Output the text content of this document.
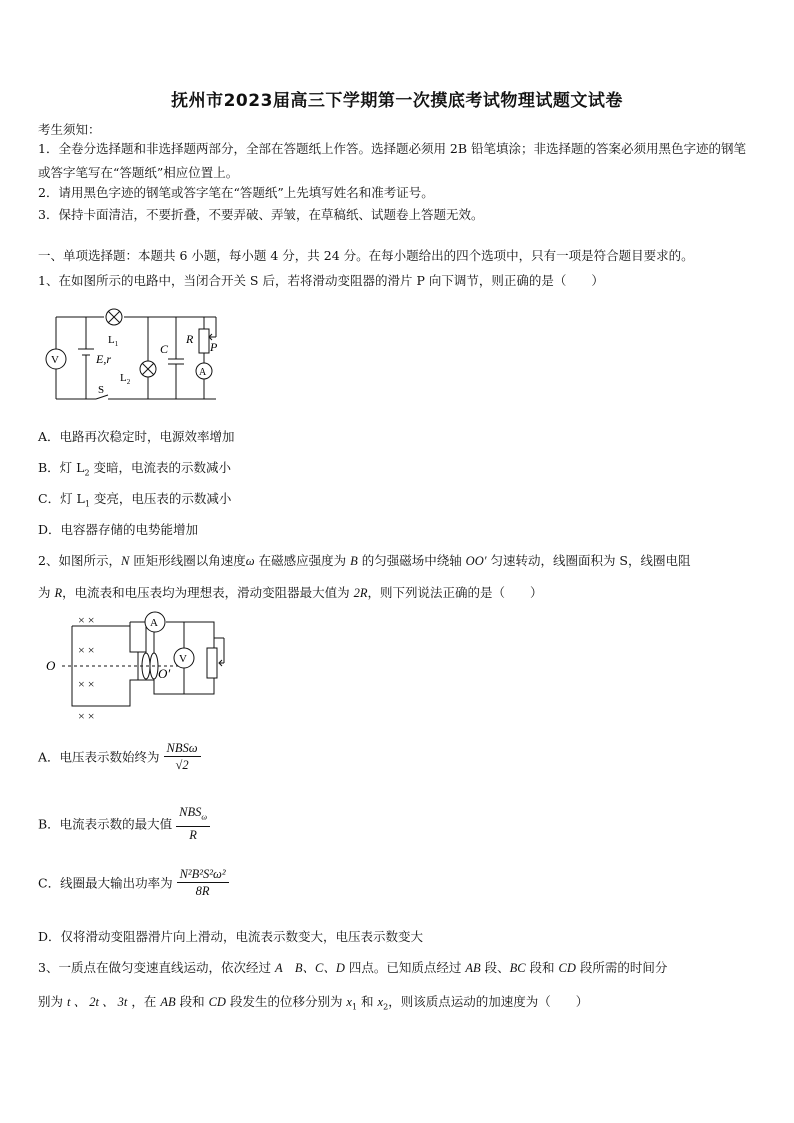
抚州市2023届高三下学期第一次摸底考试物理试题文试卷
考生须知：
1．全卷分选择题和非选择题两部分，全部在答题纸上作答。选择题必须用 2B 铅笔填涂；非选择题的答案必须用黑色字迹的钢笔或答字笔写在“答题纸”相应位置上。
2．请用黑色字迹的钢笔或答字笔在“答题纸”上先填写姓名和准考证号。
3．保持卡面清洁，不要折叠，不要弄破、弄皱，在草稿纸、试题卷上答题无效。
一、单项选择题：本题共 6 小题，每小题 4 分，共 24 分。在每小题给出的四个选项中，只有一项是符合题目要求的。
1、在如图所示的电路中，当闭合开关 S 后，若将滑动变阻器的滑片 P 向下调节，则正确的是（　　）
V
A
$L_1$
$L_2$
E,r
C
R
P
S
A．电路再次稳定时，电源效率增加
B．灯 $L_2$ 变暗，电流表的示数减小
C．灯 $L_1$ 变亮，电压表的示数减小
D．电容器存储的电势能增加
2、如图所示，N 匝矩形线圈以角速度ω 在磁感应强度为 B 的匀强磁场中绕轴 OO′ 匀速转动，线圈面积为 S，线圈电阻
为 R，电流表和电压表均为理想表，滑动变阻器最大值为 2R，则下列说法正确的是（　　）
A
V
O
O′
× ×
× ×
× ×
× ×
A．电压表示数始终为 $\frac{\text{NBSω}}{√2}$
B．电流表示数的最大值 $\frac{NBS_\omega}{R}$
C．线圈最大输出功率为 $\frac{\text{N²B²S²ω²}}{8R}$
D．仅将滑动变阻器滑片向上滑动，电流表示数变大，电压表示数变大
3、一质点在做匀变速直线运动，依次经过 A　B、C、D 四点。已知质点经过 AB 段、BC 段和 CD 段所需的时间分
别为 t 、 2t 、 3t ，在 AB 段和 CD 段发生的位移分别为 $x_1$ 和 $x_2$，则该质点运动的加速度为（　　）
